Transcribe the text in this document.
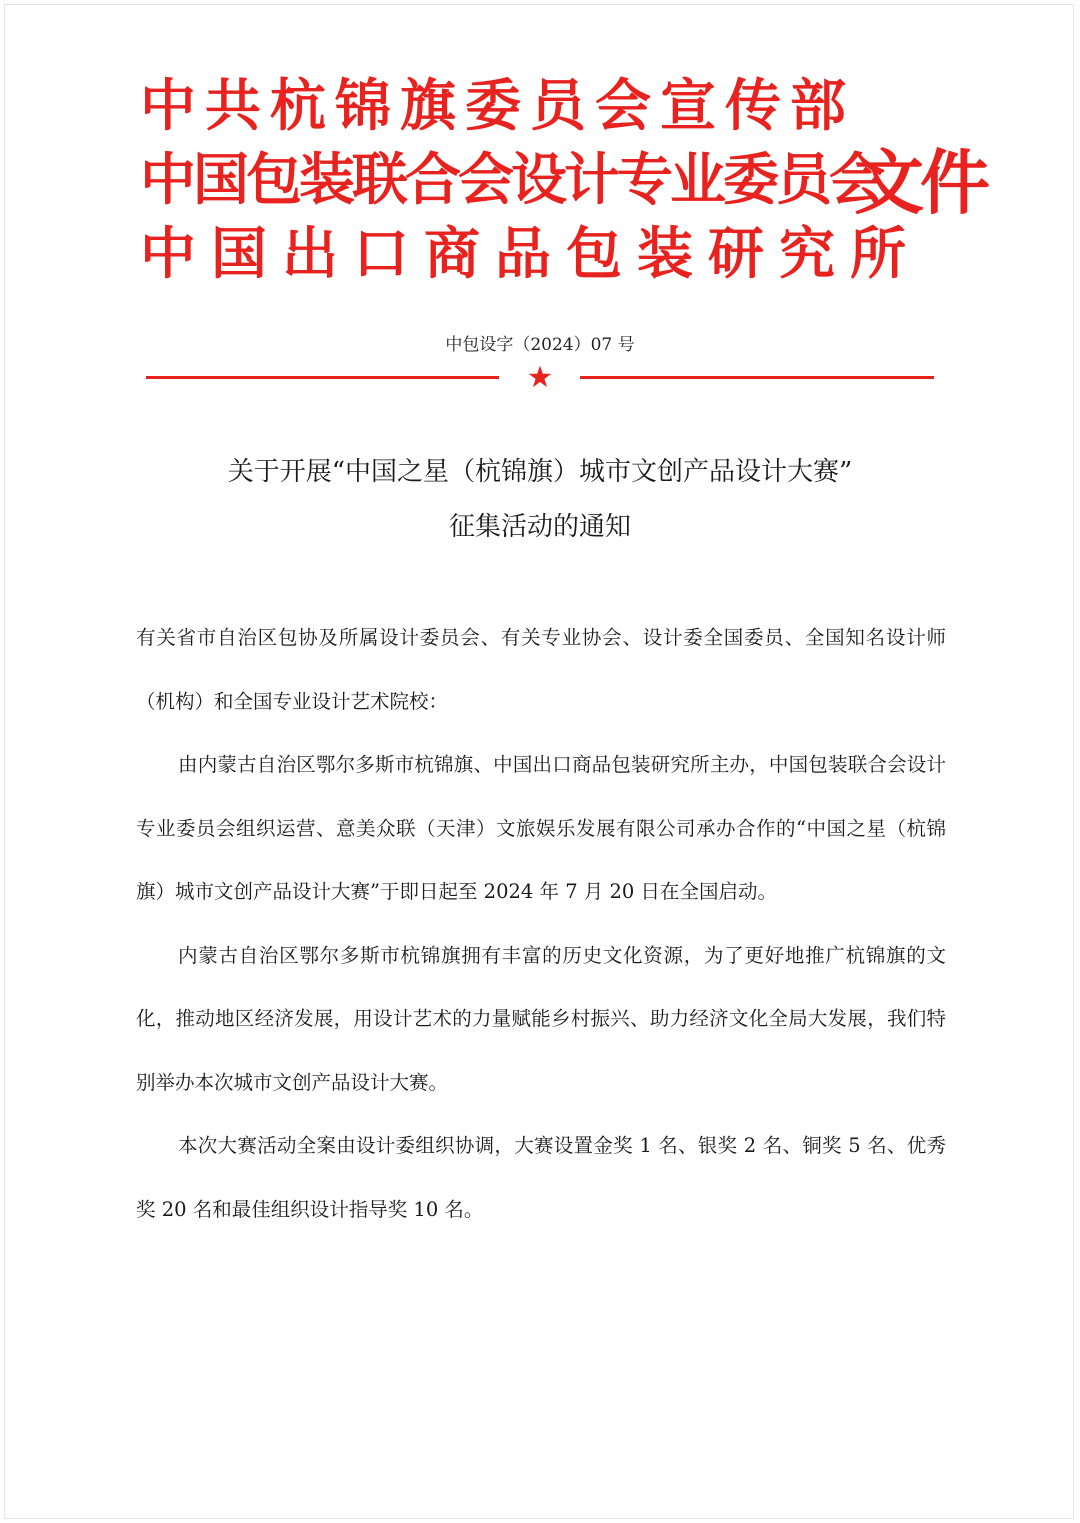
中共杭锦旗委员会宣传部
中国包装联合会设计专业委员会
中国出口商品包装研究所
文件
中包设字（2024）07 号
关于开展“中国之星（杭锦旗）城市文创产品设计大赛”
征集活动的通知

有关省市自治区包协及所属设计委员会、有关专业协会、设计委全国委员、全国知名设计师（机构）和全国专业设计艺术院校：

由内蒙古自治区鄂尔多斯市杭锦旗、中国出口商品包装研究所主办，中国包装联合会设计专业委员会组织运营、意美众联（天津）文旅娱乐发展有限公司承办合作的“中国之星（杭锦旗）城市文创产品设计大赛”于即日起至 2024 年 7 月 20 日在全国启动。

内蒙古自治区鄂尔多斯市杭锦旗拥有丰富的历史文化资源，为了更好地推广杭锦旗的文化，推动地区经济发展，用设计艺术的力量赋能乡村振兴、助力经济文化全局大发展，我们特别举办本次城市文创产品设计大赛。

本次大赛活动全案由设计委组织协调，大赛设置金奖 1 名、银奖 2 名、铜奖 5 名、优秀奖 20 名和最佳组织设计指导奖 10 名。
